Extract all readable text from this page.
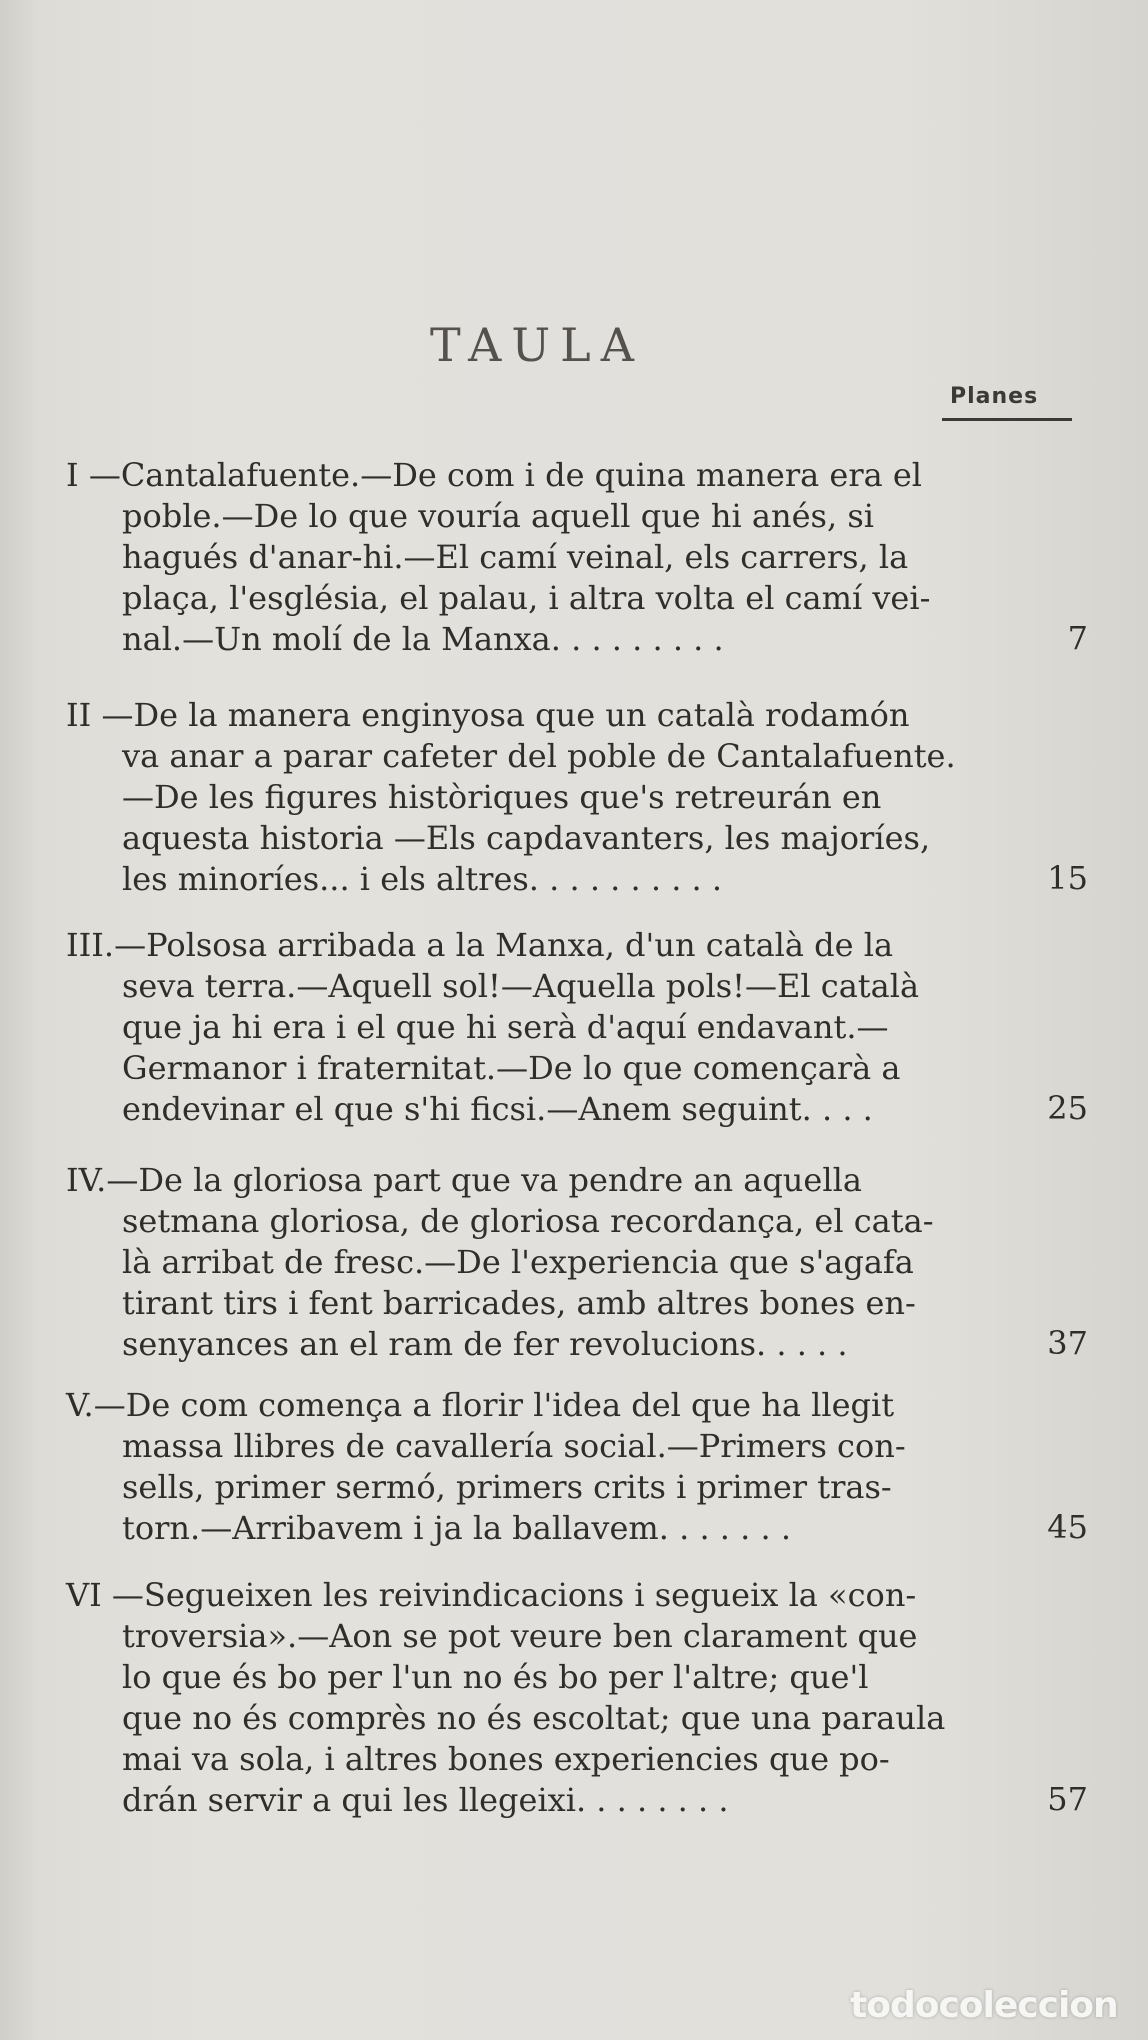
TAULA
Planes
I —Cantalafuente.—De com i de quina manera era el
poble.—De lo que vouría aquell que hi anés, si
hagués d'anar-hi.—El camí veinal, els carrers, la
plaça, l'església, el palau, i altra volta el camí vei-
nal.—Un molí de la Manxa. . . . . . . . .	7
II —De la manera enginyosa que un català rodamón
va anar a parar cafeter del poble de Cantalafuente.
—De les figures històriques que's retreurán en
aquesta historia —Els capdavanters, les majoríes,
les minoríes... i els altres. . . . . . . . . .	15
III.—Polsosa arribada a la Manxa, d'un català de la
seva terra.—Aquell sol!—Aquella pols!—El català
que ja hi era i el que hi serà d'aquí endavant.—
Germanor i fraternitat.—De lo que començarà a
endevinar el que s'hi ficsi.—Anem seguint. . . .	25
IV.—De la gloriosa part que va pendre an aquella
setmana gloriosa, de gloriosa recordança, el cata-
là arribat de fresc.—De l'experiencia que s'agafa
tirant tirs i fent barricades, amb altres bones en-
senyances an el ram de fer revolucions. . . . .	37
V.—De com comença a florir l'idea del que ha llegit
massa llibres de cavallería social.—Primers con-
sells, primer sermó, primers crits i primer tras-
torn.—Arribavem i ja la ballavem. . . . . . .	45
VI —Segueixen les reivindicacions i segueix la «con-
troversia».—Aon se pot veure ben clarament que
lo que és bo per l'un no és bo per l'altre; que'l
que no és comprès no és escoltat; que una paraula
mai va sola, i altres bones experiencies que po-
drán servir a qui les llegeixi. . . . . . . .	57
todocoleccion
